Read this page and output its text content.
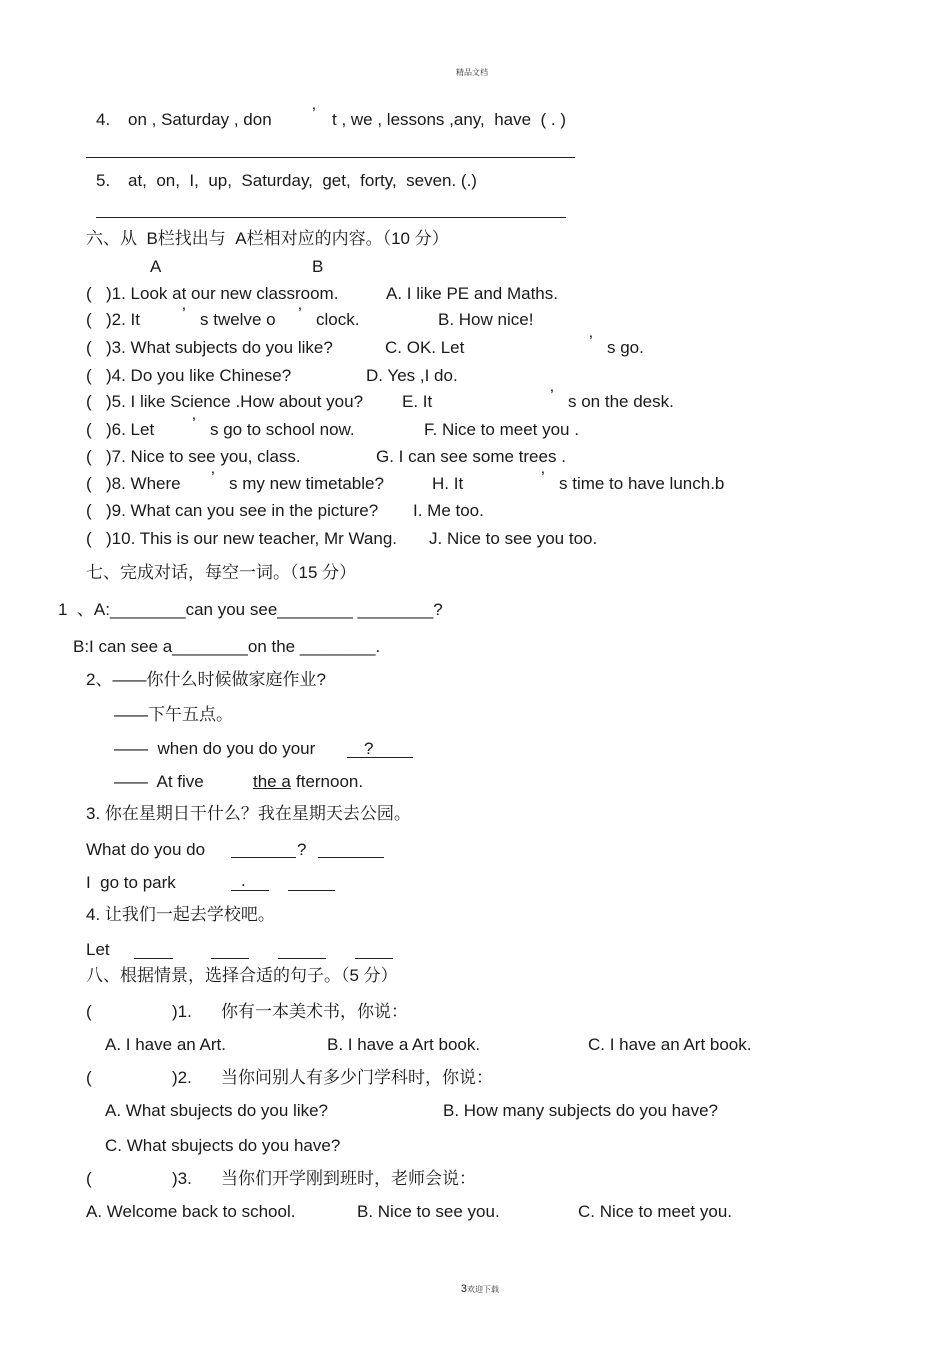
精品文档
4. on , Saturday , don ’ t , we , lessons ,any,  have  ( . )
5. at,  on,  I,  up,  Saturday,  get,  forty,  seven. (.)
六、从  B栏找出与  A栏相对应的内容。（10 分）
A	B
( )1. Look at our new classroom.	A. I like PE and Maths.
( )2. It ’ s twelve o ’ clock.	B. How nice!
( )3. What subjects do you like?	C. OK. Let	’ s go.
( )4. Do you like Chinese?	D. Yes ,I do.
( )5. I like Science .How about you? E. It	’ s on the desk.
( )6. Let ’ s go to school now.	F. Nice to meet you .
( )7. Nice to see you, class.	G. I can see some trees .
( )8. Where ’ s my new timetable?	H. It	’ s time to have lunch.b
( )9. What can you see in the picture? I. Me too.
( )10. This is our new teacher, Mr Wang. J. Nice to see you too.
七、完成对话，每空一词。（15 分）
1  、A:________can you see________ ________?
B:I can see a________on the ________.
2、——你什么时候做家庭作业?
——下午五点。
——  when do you do your	?
——  At five	the a fternoon.
3. 你在星期日干什么？我在星期天去公园。
What do you do	?
I  go to park	.
4. 让我们一起去学校吧。
Let
八、根据情景，选择合适的句子。（5 分）
(	)1. 你有一本美术书，你说：
A. I have an Art.	B. I have a Art book.	C. I have an Art book.
(	)2. 当你问别人有多少门学科时，你说：
A. What sbujects do you like?	B. How many subjects do you have?
C. What sbujects do you have?
(	)3. 当你们开学刚到班时，老师会说：
A. Welcome back to school.	B. Nice to see you.	C. Nice to meet you.

3欢迎下载
